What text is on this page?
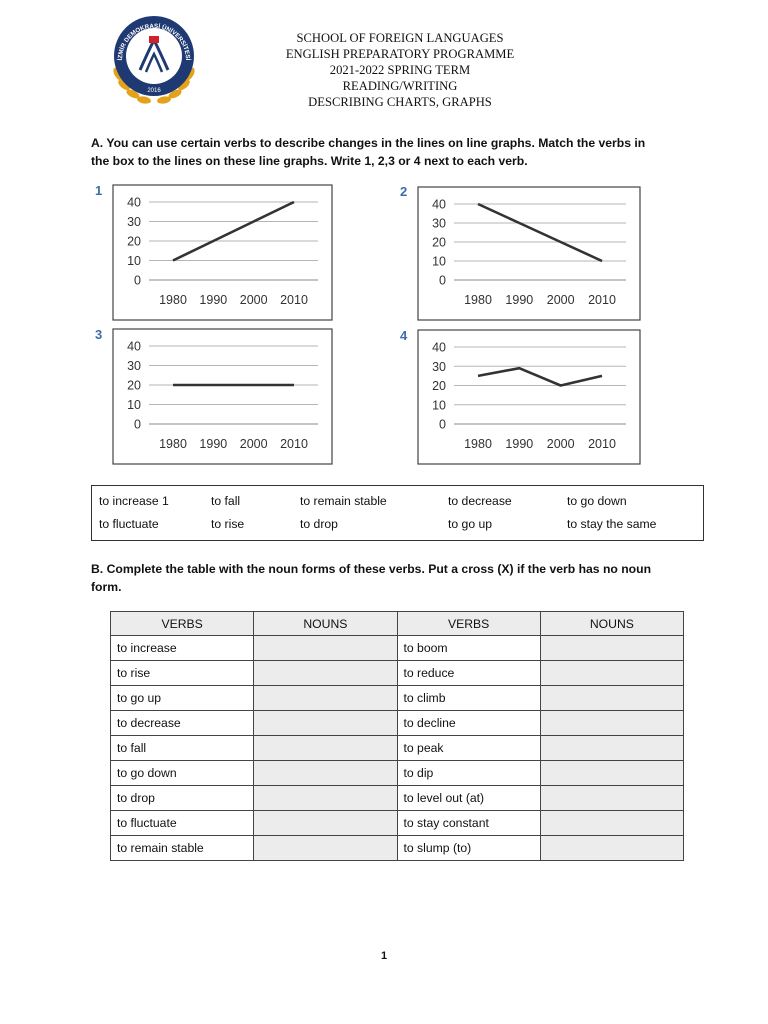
2016
İZMİR DEMOKRASİ ÜNİVERSİTESİ
SCHOOL OF FOREIGN LANGUAGES
ENGLISH PREPARATORY PROGRAMME
2021-2022 SPRING TERM
READING/WRITING
DESCRIBING CHARTS, GRAPHS
A. You can use certain verbs to describe changes in the lines on line graphs. Match the verbs in
the box to the lines on these line graphs. Write 1, 2,3 or 4 next to each verb.
1	2
3	4
40
30
20
10
0
1980 1990 2000 2010
40
30
20
10
0
1980 1990 2000 2010
40
30
20
10
0
1980 1990 2000 2010
40
30
20
10
0
1980 1990 2000 2010
to increase 1	to fall	to remain stable	to decrease	to go down
to fluctuate	to rise	to drop	to go up	to stay the same
B. Complete the table with the noun forms of these verbs. Put a cross (X) if the verb has no noun
form.
VERBS	NOUNS	VERBS	NOUNS
to increase		to boom	
to rise		to reduce	
to go up		to climb	
to decrease		to decline	
to fall		to peak	
to go down		to dip	
to drop		to level out (at)	
to fluctuate		to stay constant	
to remain stable		to slump (to)	
1
